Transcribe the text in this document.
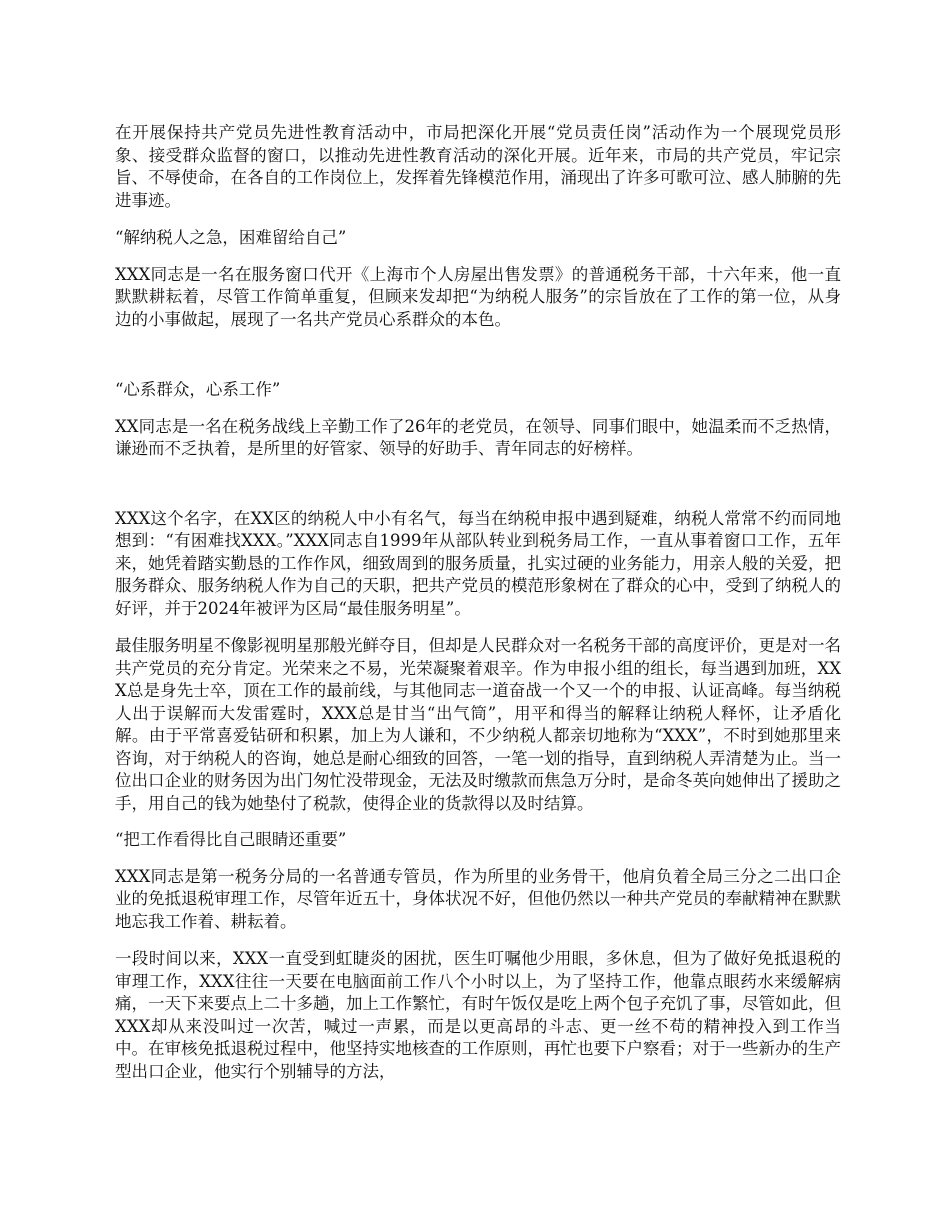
在开展保持共产党员先进性教育活动中，市局把深化开展“党员责任岗”活动作为一个展现党员形象、接受群众监督的窗口，以推动先进性教育活动的深化开展。近年来，市局的共产党员，牢记宗旨、不辱使命，在各自的工作岗位上，发挥着先锋模范作用，涌现出了许多可歌可泣、感人肺腑的先进事迹。

“解纳税人之急，困难留给自己”

XXX同志是一名在服务窗口代开《上海市个人房屋出售发票》的普通税务干部，十六年来，他一直默默耕耘着，尽管工作简单重复，但顾来发却把“为纳税人服务”的宗旨放在了工作的第一位，从身边的小事做起，展现了一名共产党员心系群众的本色。

“心系群众，心系工作”

XX同志是一名在税务战线上辛勤工作了26年的老党员，在领导、同事们眼中，她温柔而不乏热情，谦逊而不乏执着，是所里的好管家、领导的好助手、青年同志的好榜样。

XXX这个名字，在XX区的纳税人中小有名气，每当在纳税申报中遇到疑难，纳税人常常不约而同地想到：“有困难找XXX。”XXX同志自1999年从部队转业到税务局工作，一直从事着窗口工作，五年来，她凭着踏实勤恳的工作作风，细致周到的服务质量，扎实过硬的业务能力，用亲人般的关爱，把服务群众、服务纳税人作为自己的天职，把共产党员的模范形象树在了群众的心中，受到了纳税人的好评，并于2024年被评为区局“最佳服务明星”。

最佳服务明星不像影视明星那般光鲜夺目，但却是人民群众对一名税务干部的高度评价，更是对一名共产党员的充分肯定。光荣来之不易，光荣凝聚着艰辛。作为申报小组的组长，每当遇到加班，XXX总是身先士卒，顶在工作的最前线，与其他同志一道奋战一个又一个的申报、认证高峰。每当纳税人出于误解而大发雷霆时，XXX总是甘当“出气筒”，用平和得当的解释让纳税人释怀，让矛盾化解。由于平常喜爱钻研和积累，加上为人谦和，不少纳税人都亲切地称为“XXX”，不时到她那里来咨询，对于纳税人的咨询，她总是耐心细致的回答，一笔一划的指导，直到纳税人弄清楚为止。当一位出口企业的财务因为出门匆忙没带现金，无法及时缴款而焦急万分时，是命冬英向她伸出了援助之手，用自己的钱为她垫付了税款，使得企业的货款得以及时结算。

“把工作看得比自己眼睛还重要”

XXX同志是第一税务分局的一名普通专管员，作为所里的业务骨干，他肩负着全局三分之二出口企业的免抵退税审理工作，尽管年近五十，身体状况不好，但他仍然以一种共产党员的奉献精神在默默地忘我工作着、耕耘着。

一段时间以来，XXX一直受到虹睫炎的困扰，医生叮嘱他少用眼，多休息，但为了做好免抵退税的审理工作，XXX往往一天要在电脑面前工作八个小时以上，为了坚持工作，他靠点眼药水来缓解病痛，一天下来要点上二十多趟，加上工作繁忙，有时午饭仅是吃上两个包子充饥了事，尽管如此，但XXX却从来没叫过一次苦，喊过一声累，而是以更高昂的斗志、更一丝不苟的精神投入到工作当中。在审核免抵退税过程中，他坚持实地核查的工作原则，再忙也要下户察看；对于一些新办的生产型出口企业，他实行个别辅导的方法，
